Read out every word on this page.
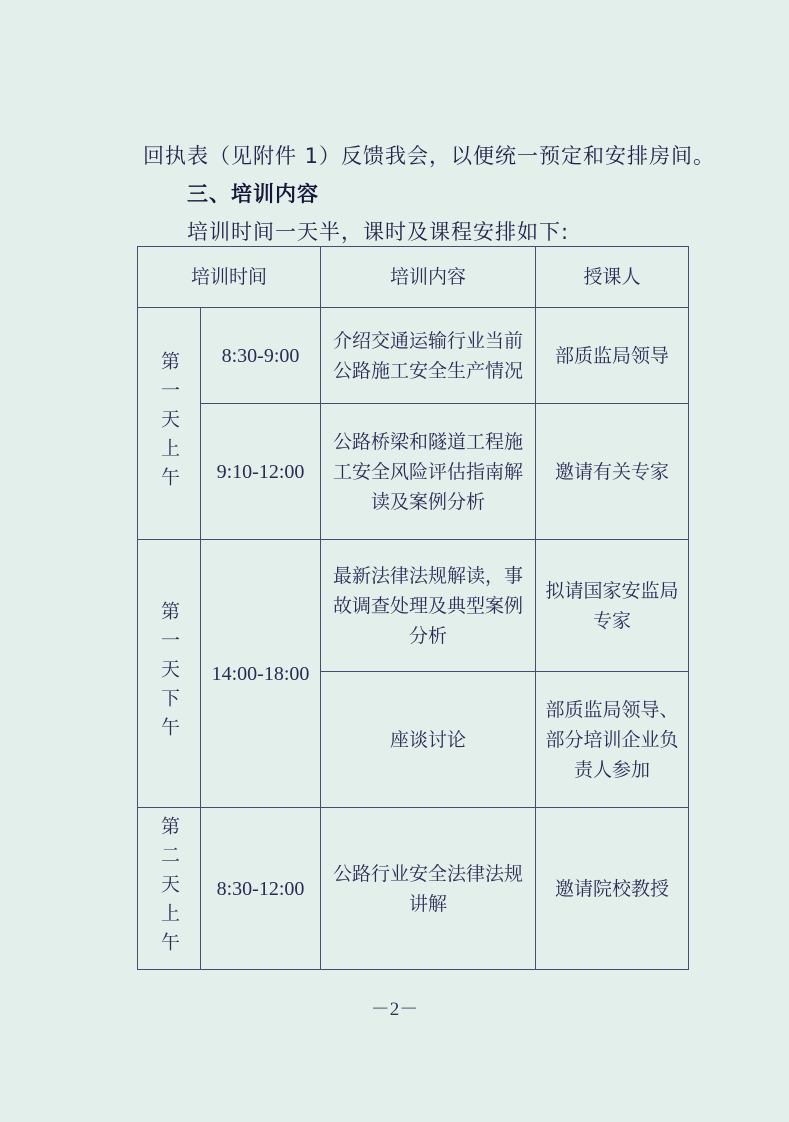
回执表（见附件 1）反馈我会，以便统一预定和安排房间。
三、培训内容
培训时间一天半，课时及课程安排如下:
培训时间		培训内容	授课人

第一天上午	8:30-9:00	介绍交通运输行业当前公路施工安全生产情况	部质监局领导
	9:10-12:00	公路桥梁和隧道工程施工安全风险评估指南解读及案例分析	邀请有关专家

第一天下午	14:00-18:00	最新法律法规解读，事故调查处理及典型案例分析	拟请国家安监局专家
		座谈讨论	部质监局领导、部分培训企业负责人参加

第二天上午	8:30-12:00	公路行业安全法律法规讲解	邀请院校教授
－2－
